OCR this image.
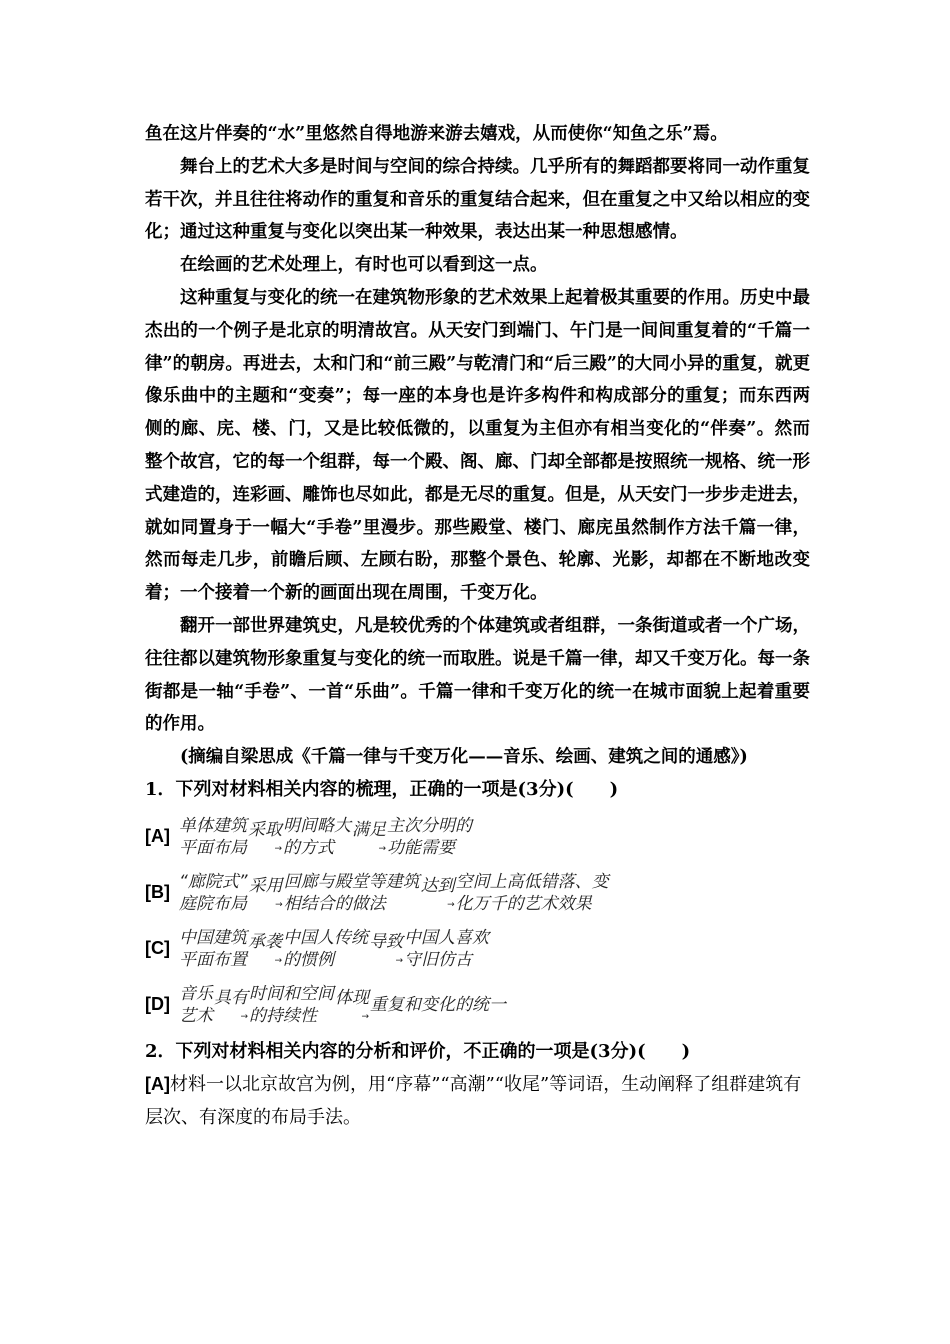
鱼在这片伴奏的“水”里悠然自得地游来游去嬉戏，从而使你“知鱼之乐”焉。

舞台上的艺术大多是时间与空间的综合持续。几乎所有的舞蹈都要将同一动作重复若干次，并且往往将动作的重复和音乐的重复结合起来，但在重复之中又给以相应的变化；通过这种重复与变化以突出某一种效果，表达出某一种思想感情。

在绘画的艺术处理上，有时也可以看到这一点。

这种重复与变化的统一在建筑物形象的艺术效果上起着极其重要的作用。历史中最杰出的一个例子是北京的明清故宫。从天安门到端门、午门是一间间重复着的“千篇一律”的朝房。再进去，太和门和“前三殿”与乾清门和“后三殿”的大同小异的重复，就更像乐曲中的主题和“变奏”；每一座的本身也是许多构件和构成部分的重复；而东西两侧的廊、庑、楼、门，又是比较低微的，以重复为主但亦有相当变化的“伴奏”。然而整个故宫，它的每一个组群，每一个殿、阁、廊、门却全部都是按照统一规格、统一形式建造的，连彩画、雕饰也尽如此，都是无尽的重复。但是，从天安门一步步走进去，就如同置身于一幅大“手卷”里漫步。那些殿堂、楼门、廊庑虽然制作方法千篇一律，然而每走几步，前瞻后顾、左顾右盼，那整个景色、轮廓、光影，却都在不断地改变着；一个接着一个新的画面出现在周围，千变万化。

翻开一部世界建筑史，凡是较优秀的个体建筑或者组群，一条街道或者一个广场，往往都以建筑物形象重复与变化的统一而取胜。说是千篇一律，却又千变万化。每一条街都是一轴“手卷”、一首“乐曲”。千篇一律和千变万化的统一在城市面貌上起着重要的作用。

(摘编自梁思成《千篇一律与千变万化——音乐、绘画、建筑之间的通感》)

1．下列对材料相关内容的梳理，正确的一项是(3分)(　　)

[A]
单体建筑
平面布局
采取
→
明间略大
的方式
满足
→
主次分明的
功能需要
[B]
“廊院式”
庭院布局
采用
→
回廊与殿堂等建筑
相结合的做法
达到
→
空间上高低错落、变
化万千的艺术效果
[C]
中国建筑
平面布置
承袭
→
中国人传统
的惯例
导致
→
中国人喜欢
守旧仿古
[D]
音乐
艺术
具有
→
时间和空间
的持续性
体现
→
重复和变化的统一

2．下列对材料相关内容的分析和评价，不正确的一项是(3分)(　　)

[A]材料一以北京故宫为例，用“序幕”“高潮”“收尾”等词语，生动阐释了组群建筑有层次、有深度的布局手法。
